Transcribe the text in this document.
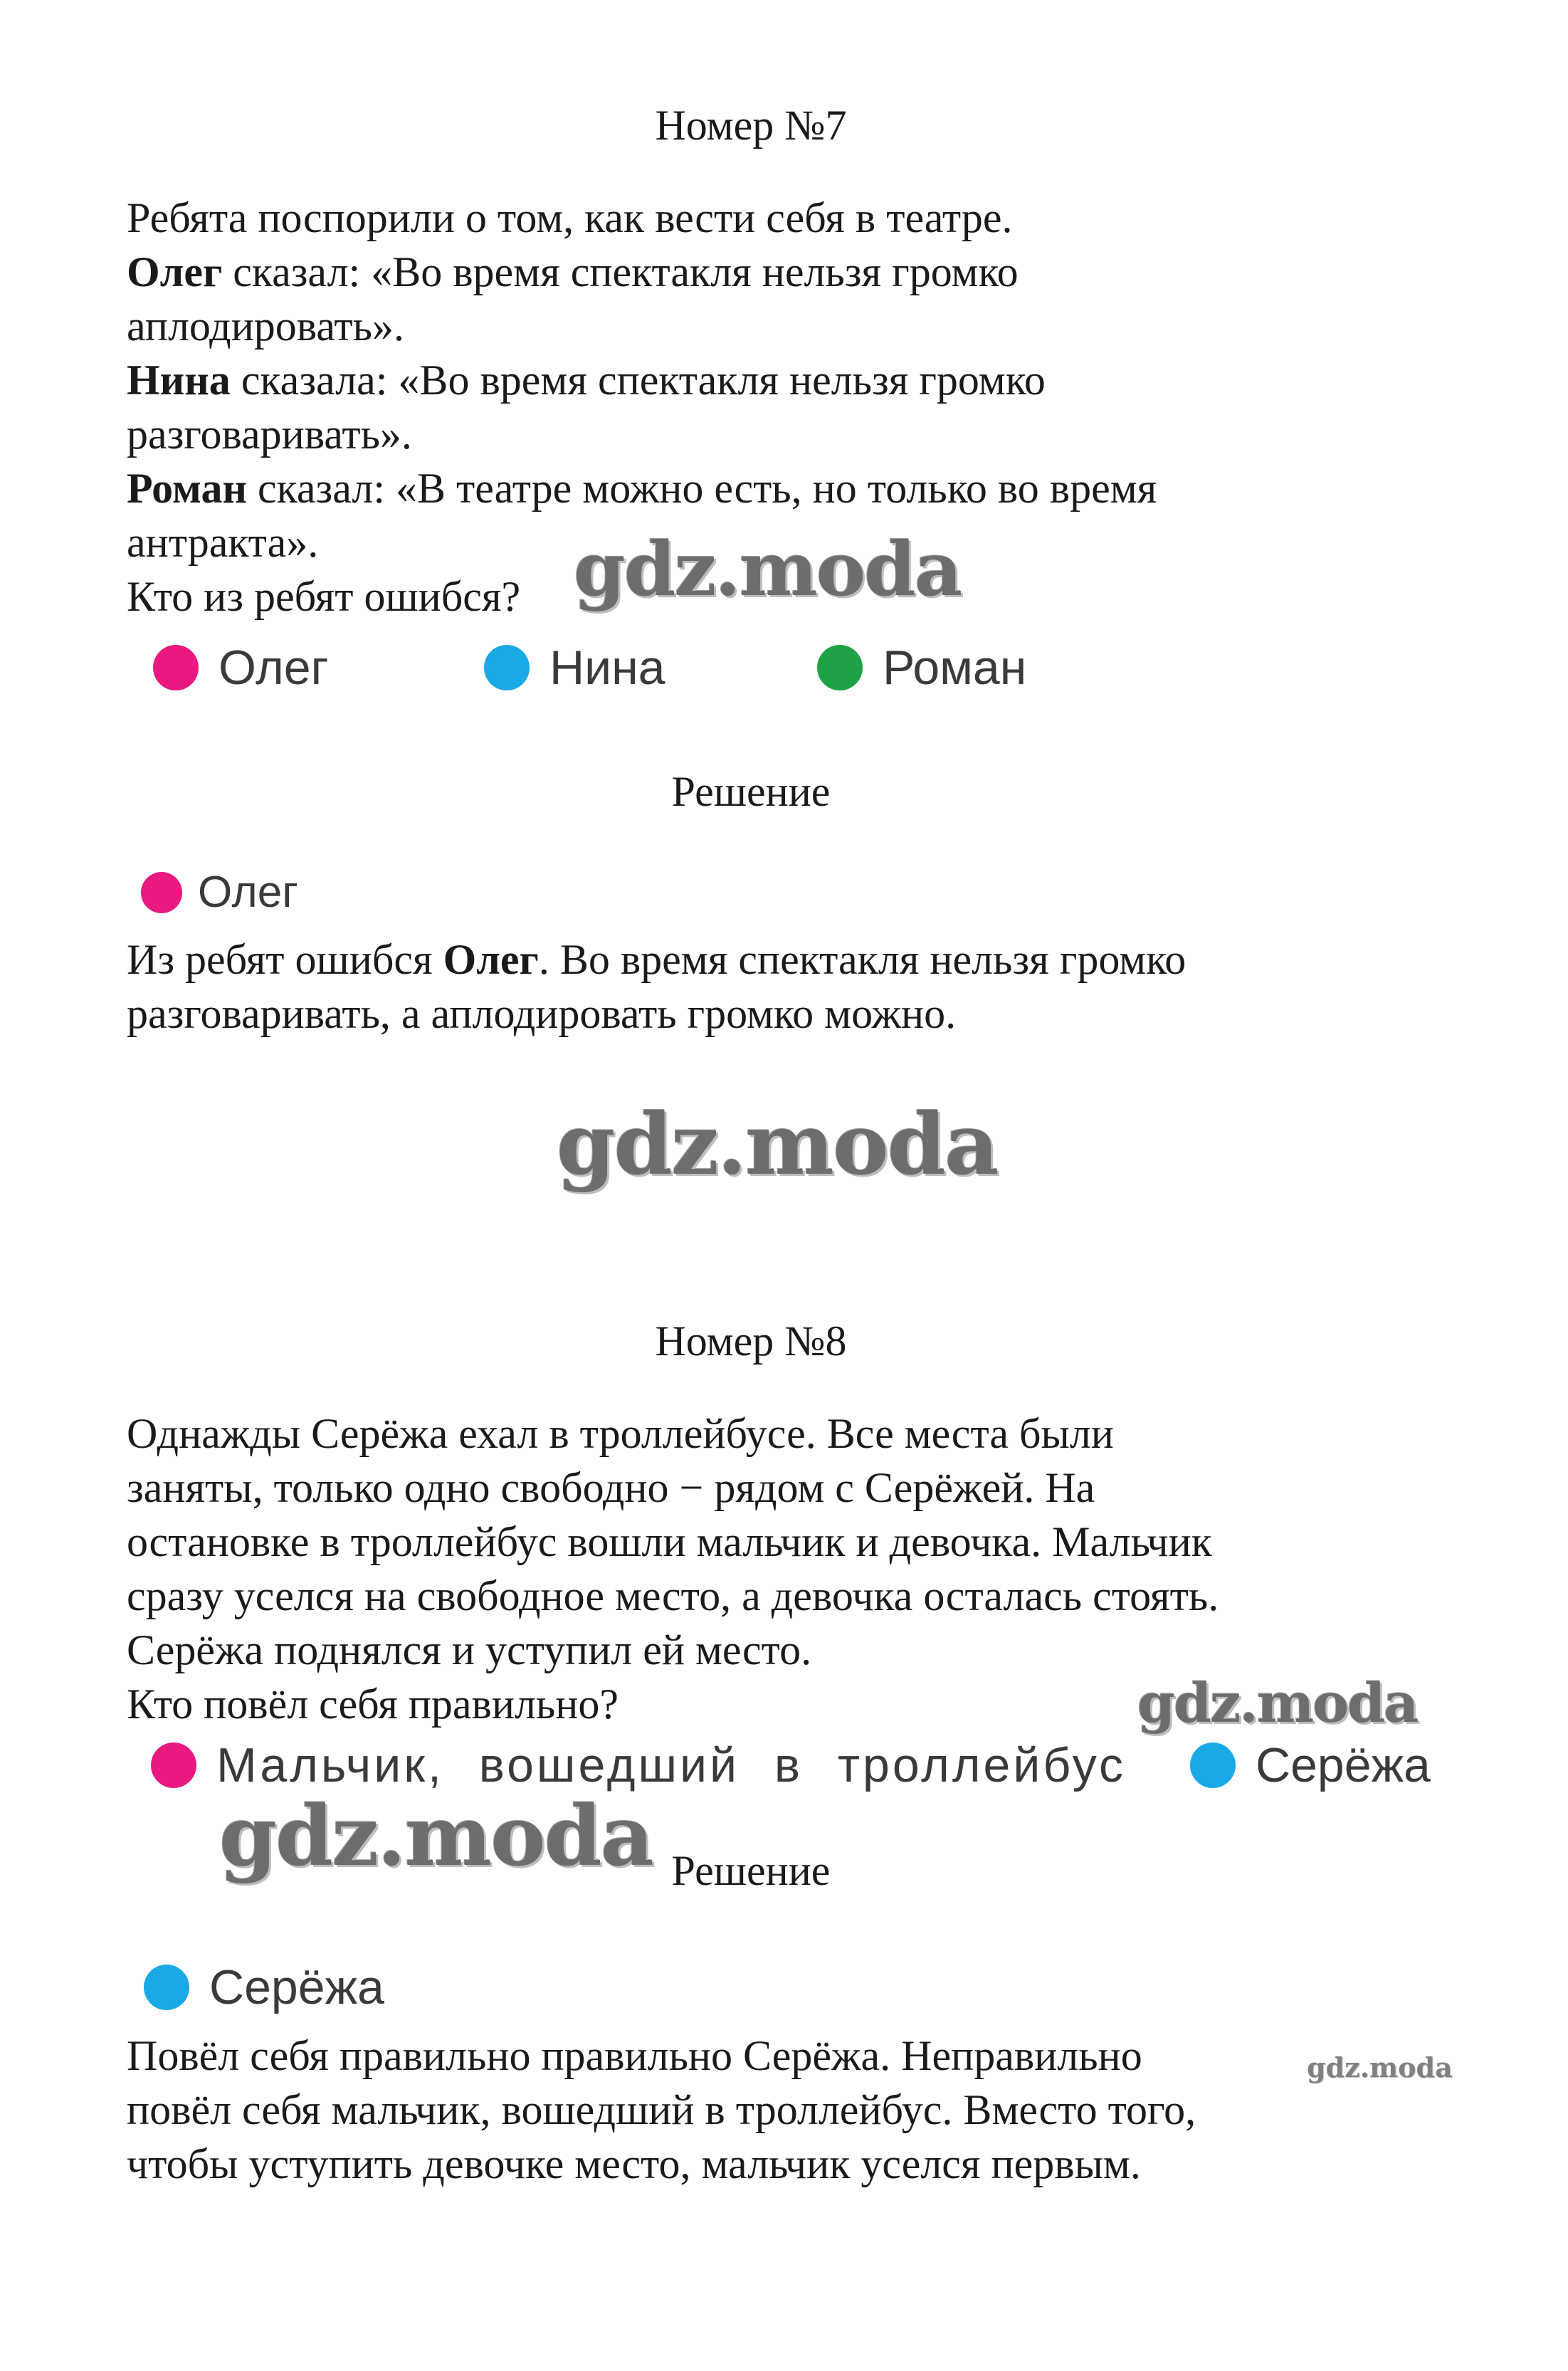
Номер №7
Ребята поспорили о том, как вести себя в театре.
Олег сказал: «Во время спектакля нельзя громко
аплодировать».
Нина сказала: «Во время спектакля нельзя громко
разговаривать».
Роман сказал: «В театре можно есть, но только во время
антракта».
Кто из ребят ошибся?
Олег	Нина	Роман
Решение
Олег
Из ребят ошибся Олег. Во время спектакля нельзя громко
разговаривать, а аплодировать громко можно.
Номер №8
Однажды Серёжа ехал в троллейбусе. Все места были
заняты, только одно свободно − рядом с Серёжей. На
остановке в троллейбус вошли мальчик и девочка. Мальчик
сразу уселся на свободное место, а девочка осталась стоять.
Серёжа поднялся и уступил ей место.
Кто повёл себя правильно?
Мальчик, вошедший в троллейбус	Серёжа
Решение
Серёжа
Повёл себя правильно правильно Серёжа. Неправильно
повёл себя мальчик, вошедший в троллейбус. Вместо того,
чтобы уступить девочке место, мальчик уселся первым.
gdz.moda
gdz.moda
gdz.moda
gdz.moda
gdz.moda
